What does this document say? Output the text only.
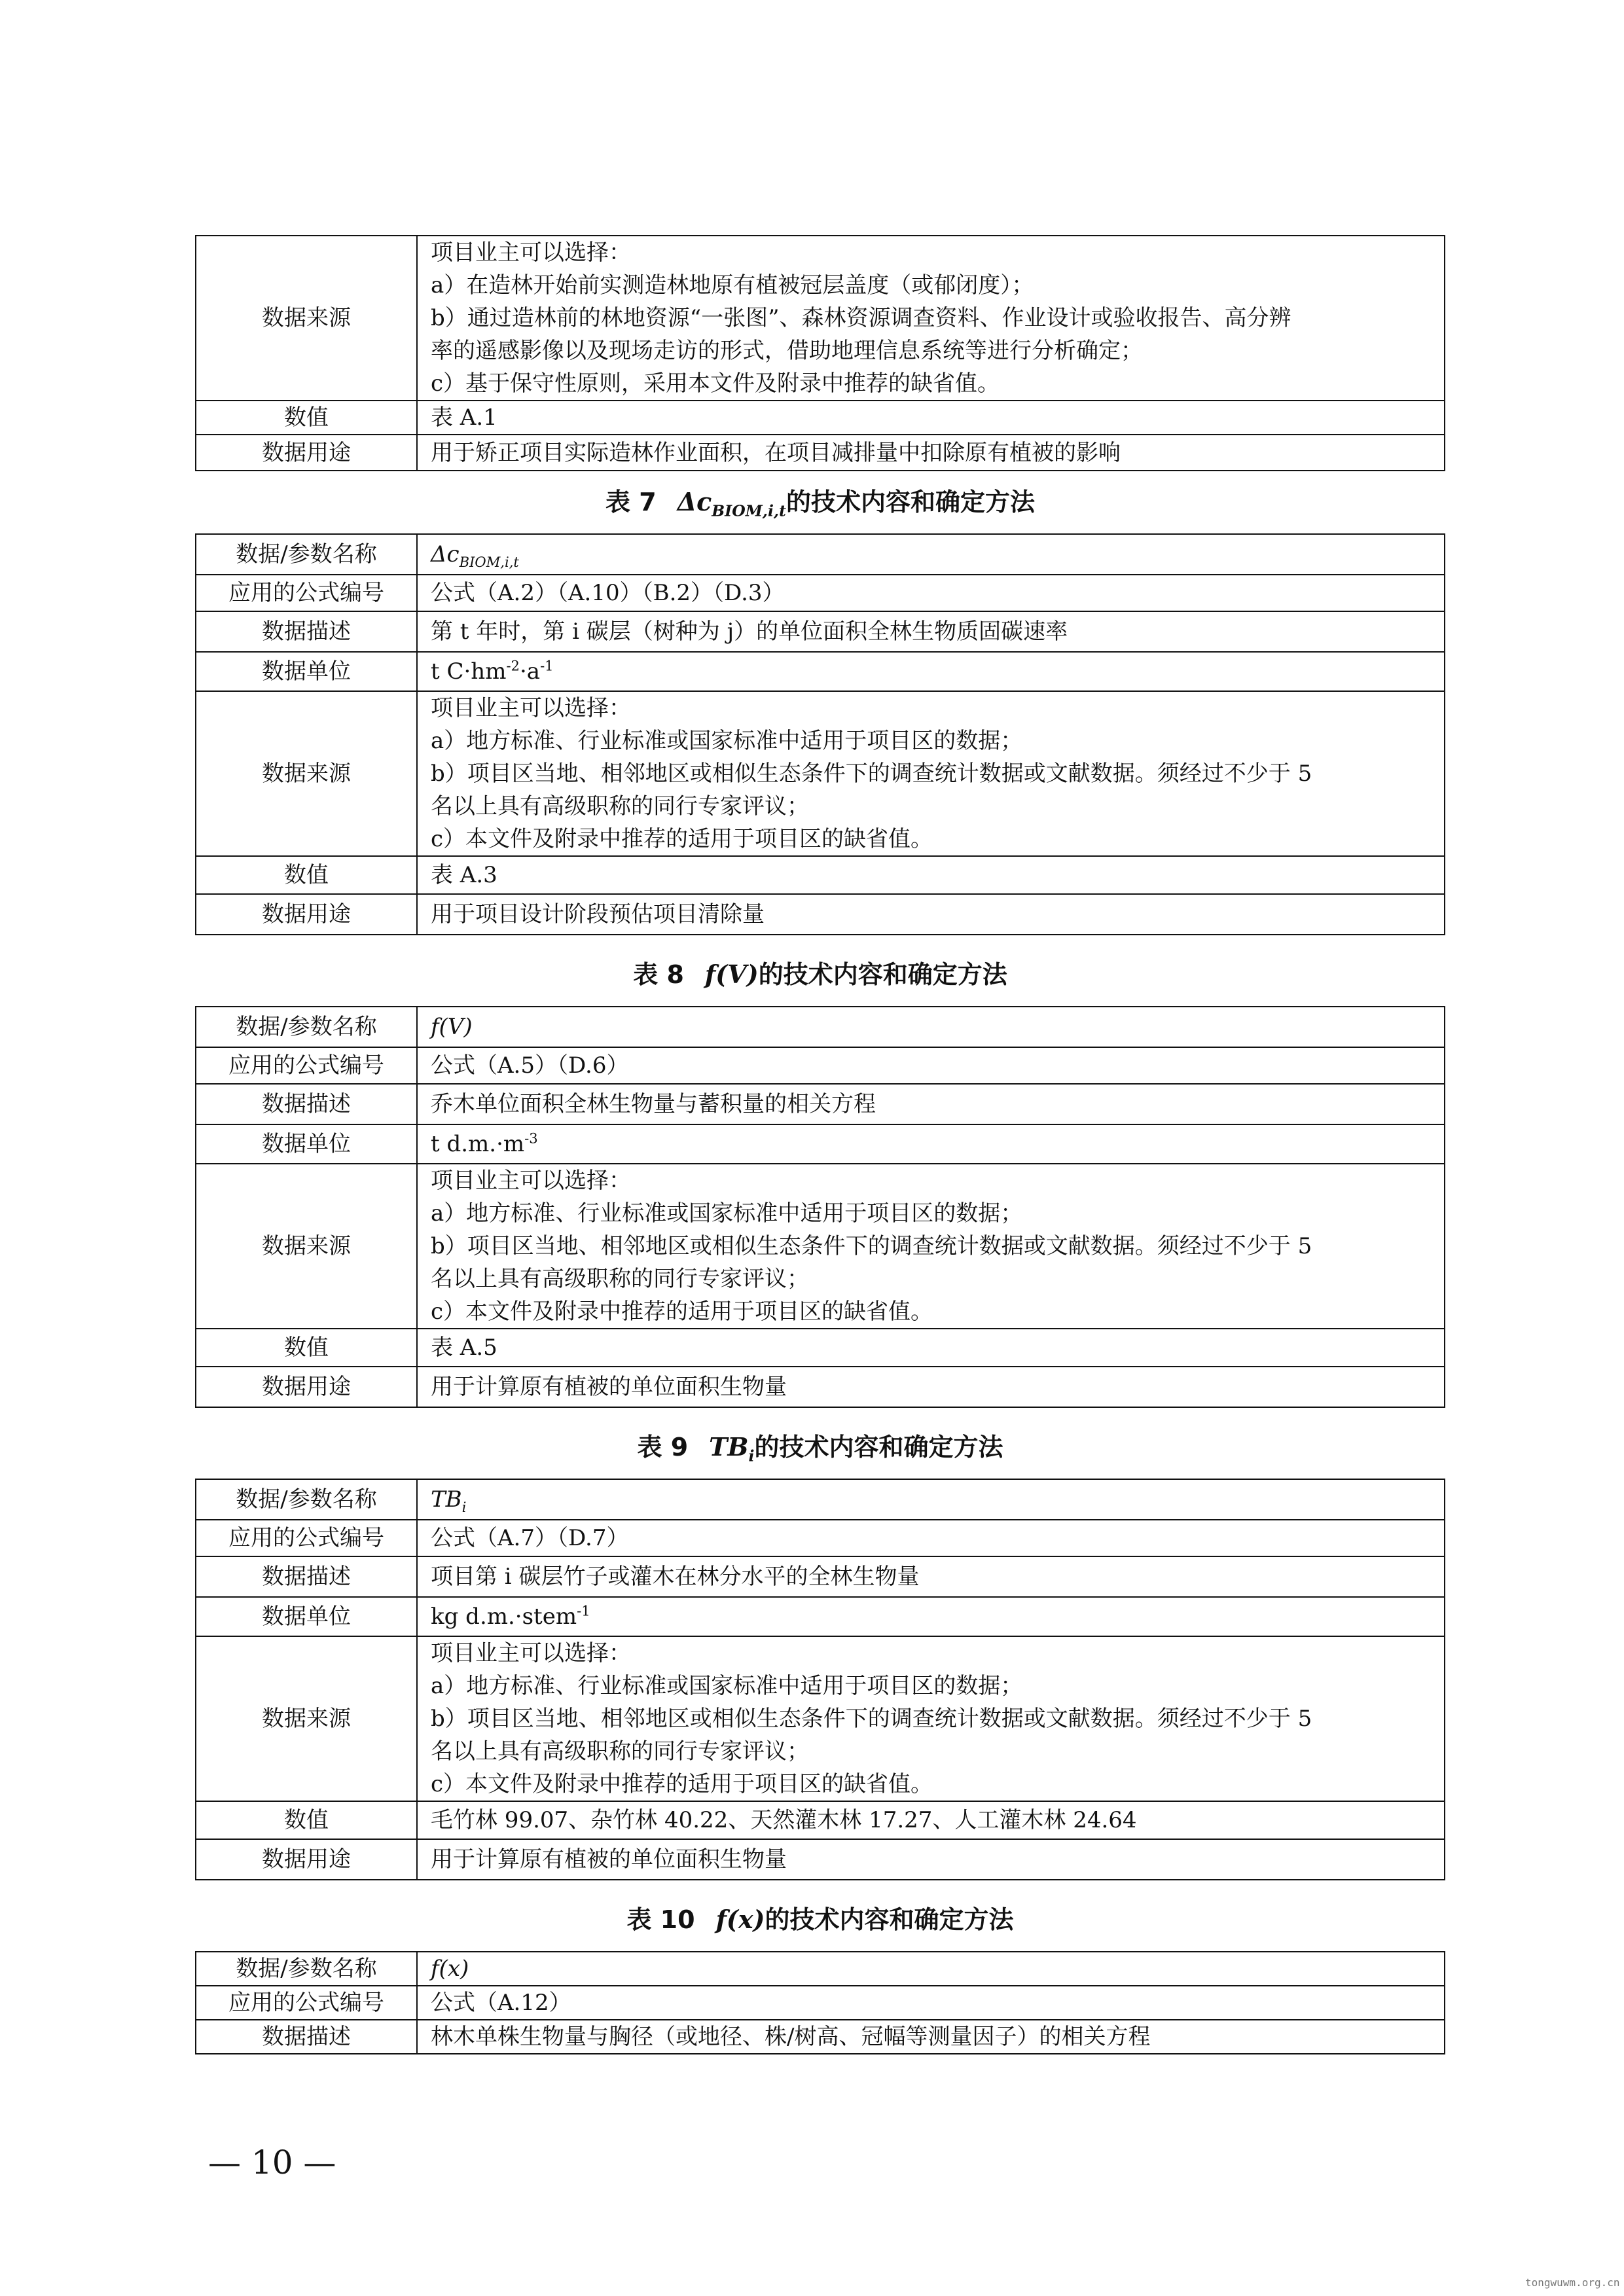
数据来源	项目业主可以选择：
a）在造林开始前实测造林地原有植被冠层盖度（或郁闭度）；
b）通过造林前的林地资源“一张图”、森林资源调查资料、作业设计或验收报告、高分辨
率的遥感影像以及现场走访的形式，借助地理信息系统等进行分析确定；
c）基于保守性原则，采用本文件及附录中推荐的缺省值。
数值	表 A.1
数据用途	用于矫正项目实际造林作业面积，在项目减排量中扣除原有植被的影响
表 7 $\Delta c_{BIOM,i,t}$的技术内容和确定方法
数据/参数名称	$\Delta c_{BIOM,i,t}$
应用的公式编号	公式（A.2）（A.10）（B.2）（D.3）
数据描述	第 t 年时，第 i 碳层（树种为 j）的单位面积全林生物质固碳速率
数据单位	t $C\cdot hm^{-2}\cdot a^{-1}$
数据来源	项目业主可以选择：
a）地方标准、行业标准或国家标准中适用于项目区的数据；
b）项目区当地、相邻地区或相似生态条件下的调查统计数据或文献数据。须经过不少于 5
名以上具有高级职称的同行专家评议；
c）本文件及附录中推荐的适用于项目区的缺省值。
数值	表 A.3
数据用途	用于项目设计阶段预估项目清除量
表 8 f(V)的技术内容和确定方法
数据/参数名称	f(V)
应用的公式编号	公式（A.5）（D.6）
数据描述	乔木单位面积全林生物量与蓄积量的相关方程
数据单位	t $d.m.\cdot m^{-3}$
数据来源	项目业主可以选择：
a）地方标准、行业标准或国家标准中适用于项目区的数据；
b）项目区当地、相邻地区或相似生态条件下的调查统计数据或文献数据。须经过不少于 5
名以上具有高级职称的同行专家评议；
c）本文件及附录中推荐的适用于项目区的缺省值。
数值	表 A.5
数据用途	用于计算原有植被的单位面积生物量
表 9 $TB_i$的技术内容和确定方法
数据/参数名称	$TB_i$
应用的公式编号	公式（A.7）（D.7）
数据描述	项目第 i 碳层竹子或灌木在林分水平的全林生物量
数据单位	kg d.m.·stem$^{-1}$
数据来源	项目业主可以选择：
a）地方标准、行业标准或国家标准中适用于项目区的数据；
b）项目区当地、相邻地区或相似生态条件下的调查统计数据或文献数据。须经过不少于 5
名以上具有高级职称的同行专家评议；
c）本文件及附录中推荐的适用于项目区的缺省值。
数值	毛竹林 99.07、杂竹林 40.22、天然灌木林 17.27、人工灌木林 24.64
数据用途	用于计算原有植被的单位面积生物量
表 10 f(x)的技术内容和确定方法
数据/参数名称	f(x)
应用的公式编号	公式（A.12）
数据描述	林木单株生物量与胸径（或地径、株/树高、冠幅等测量因子）的相关方程
— 10 —
tongwuwm.org.cn
